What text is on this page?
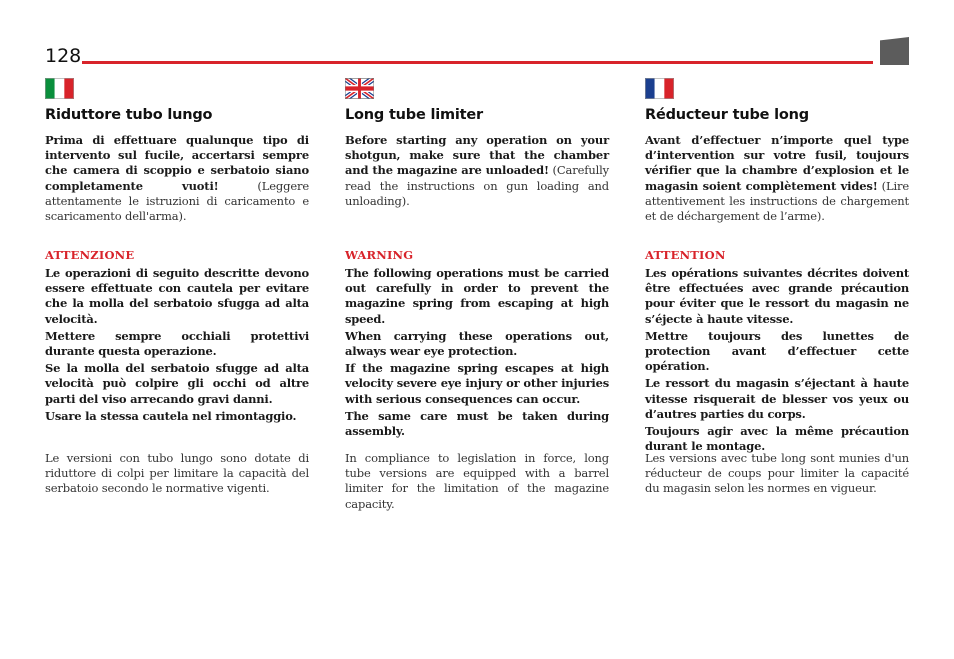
128
Riduttore tubo lungo

Prima di effettuare qualunque tipo di intervento sul fucile, accertarsi sempre che camera di scoppio e serbatoio siano completamente vuoti! (Leggere attentamente le istruzioni di caricamento e scaricamento dell'arma).

ATTENZIONE

Le operazioni di seguito descritte devono essere effettuate con cautela per evitare che la molla del serbatoio sfugga ad alta velocità.

Mettere sempre occhiali protettivi durante questa operazione.

Se la molla del serbatoio sfugge ad alta velocità può colpire gli occhi od altre parti del viso arrecando gravi danni.

Usare la stessa cautela nel rimontaggio.

Le versioni con tubo lungo sono dotate di riduttore di colpi per limitare la capacità del serbatoio secondo le normative vigenti.

Long tube limiter

Before starting any operation on your shotgun, make sure that the chamber and the magazine are unloaded! (Carefully read the instructions on gun loading and unloading).

WARNING

The following operations must be carried out carefully in order to prevent the magazine spring from escaping at high speed.

When carrying these operations out, always wear eye protection.

If the magazine spring escapes at high velocity severe eye injury or other injuries with serious consequences can occur.

The same care must be taken during assembly.

In compliance to legislation in force, long tube versions are equipped with a barrel limiter for the limitation of the magazine capacity.

Réducteur tube long

Avant d’effectuer n’importe quel type d’intervention sur votre fusil, toujours vérifier que la chambre d’explosion et le magasin soient complètement vides! (Lire attentivement les instructions de chargement et de déchargement de l’arme).

ATTENTION

Les opérations suivantes décrites doivent être effectuées avec grande précaution pour éviter que le ressort du magasin ne s’éjecte à haute vitesse.

Mettre toujours des lunettes de protection avant d’effectuer cette opération.

Le ressort du magasin s’éjectant à haute vitesse risquerait de blesser vos yeux ou d’autres parties du corps.

Toujours agir avec la même précaution durant le montage.

Les versions avec tube long sont munies d'un réducteur de coups pour limiter la capacité du magasin selon les normes en vigueur.
